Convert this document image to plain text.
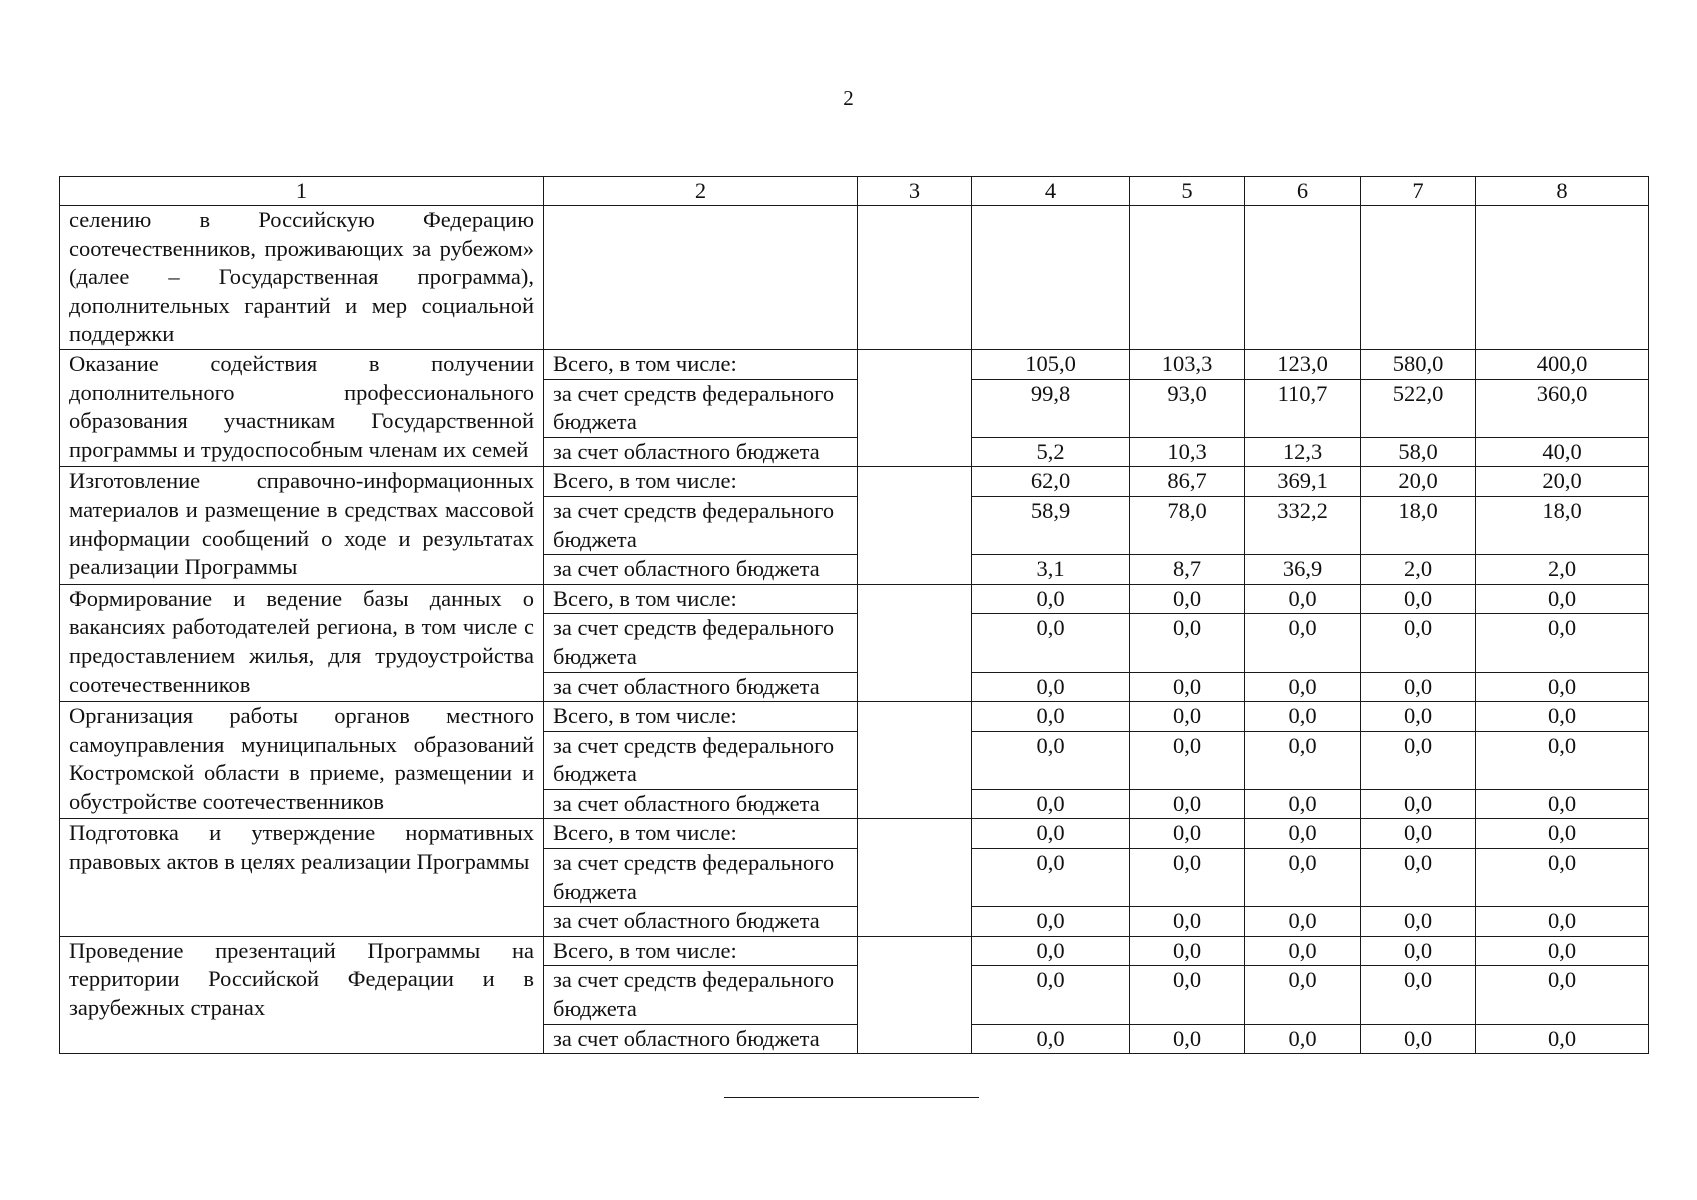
2
1	2	3	4	5	6	7	8
селению в Российскую Федерацию соотечественников, проживающих за рубежом» (далее – Государственная программа), дополнительных гарантий и мер социальной поддержки							
Оказание содействия в получении дополнительного профессионального образования участникам Государственной программы и трудоспособным членам их семей	Всего, в том числе:		105,0	103,3	123,0	580,0	400,0
	за счет средств федерального бюджета		99,8	93,0	110,7	522,0	360,0
	за счет областного бюджета		5,2	10,3	12,3	58,0	40,0
Изготовление справочно-информационных материалов и размещение в средствах массовой информации сообщений о ходе и результатах реализации Программы	Всего, в том числе:		62,0	86,7	369,1	20,0	20,0
	за счет средств федерального бюджета		58,9	78,0	332,2	18,0	18,0
	за счет областного бюджета		3,1	8,7	36,9	2,0	2,0
Формирование и ведение базы данных о вакансиях работодателей региона, в том числе с предоставлением жилья, для трудоустройства соотечественников	Всего, в том числе:		0,0	0,0	0,0	0,0	0,0
	за счет средств федерального бюджета		0,0	0,0	0,0	0,0	0,0
	за счет областного бюджета		0,0	0,0	0,0	0,0	0,0
Организация работы органов местного самоуправления муниципальных образований Костромской области в приеме, размещении и обустройстве соотечественников	Всего, в том числе:		0,0	0,0	0,0	0,0	0,0
	за счет средств федерального бюджета		0,0	0,0	0,0	0,0	0,0
	за счет областного бюджета		0,0	0,0	0,0	0,0	0,0
Подготовка и утверждение нормативных правовых актов в целях реализации Программы	Всего, в том числе:		0,0	0,0	0,0	0,0	0,0
	за счет средств федерального бюджета		0,0	0,0	0,0	0,0	0,0
	за счет областного бюджета		0,0	0,0	0,0	0,0	0,0
Проведение презентаций Программы на территории Российской Федерации и в зарубежных странах	Всего, в том числе:		0,0	0,0	0,0	0,0	0,0
	за счет средств федерального бюджета		0,0	0,0	0,0	0,0	0,0
	за счет областного бюджета		0,0	0,0	0,0	0,0	0,0
